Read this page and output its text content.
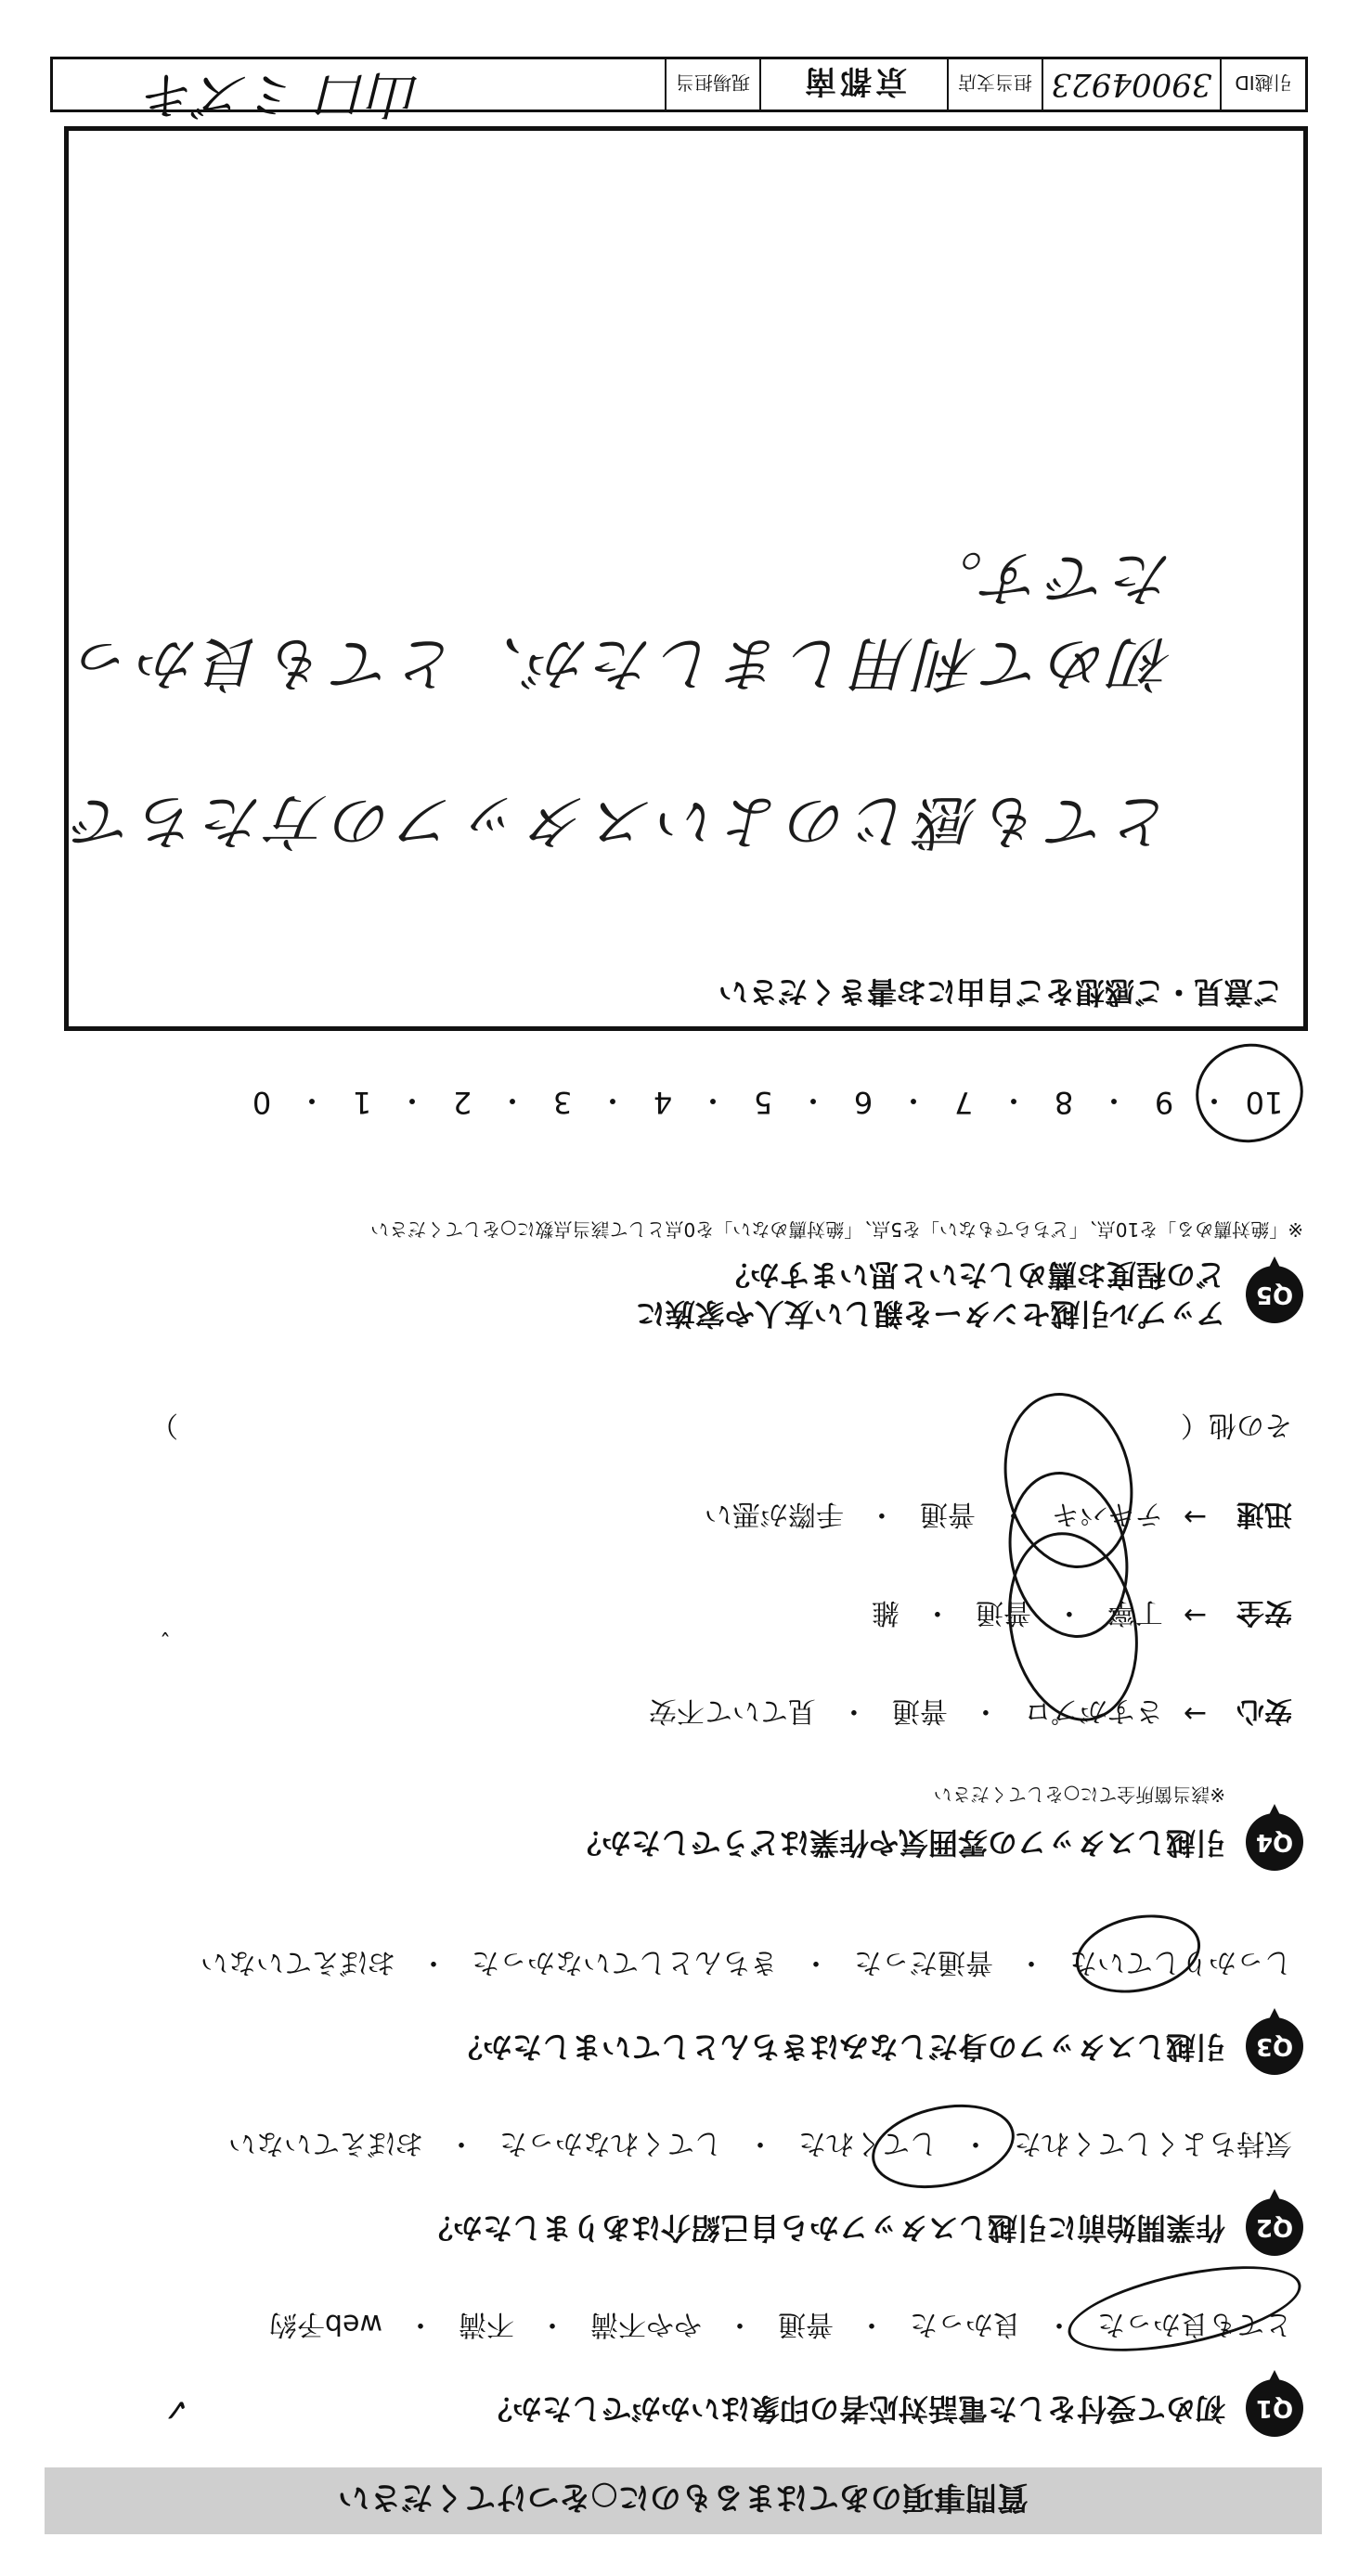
質問事項のあてはまるものに○をつけてください
Q1
初めて受付をした電話対応者の印象はいかがでしたか？
とても良かった
・
良かった
・
普通
・
やや不満
・
不満
・
web予約
Q2
作業開始前に引越しスタッフから自己紹介はありましたか？
気持ちよくしてくれた
・
してくれた
・
してくれなかった
・
おぼえていない
Q3
引越しスタッフの身だしなみはきちんとしていましたか？
しっかりしていた
・
普通だった
・
きちんとしていなかった
・
おぼえていない
Q4
引越しスタッフの雰囲気や作業はどうでしたか？
※該当箇所全てに○をしてください
安心
→
さすがプロ
・
普通
・
見ていて不安
安全
→
丁寧
・
普通
・
雑
迅速
→
テキパキ
・
普通
・
手際が悪い
その他（
）
Q5
アップル引越センターを親しい友人や家族に
どの程度お薦めしたいと思いますか？
※「絶対薦める」を10点、「どちらでもない」を5点、「絶対薦めない」を0点として該当点数に○をしてください
10
・
9
・
8
・
7
・
6
・
5
・
4
・
3
・
2
・
1
・
0
ご意見・ご感想をご自由にお書きください
とても感じのよいスタッフの方たちで
初めて利用しましたが、とても良かったです。
引越ID
39004923
担当支店
京都南
現場担当
山口 ミズキ
✓
ˇ
